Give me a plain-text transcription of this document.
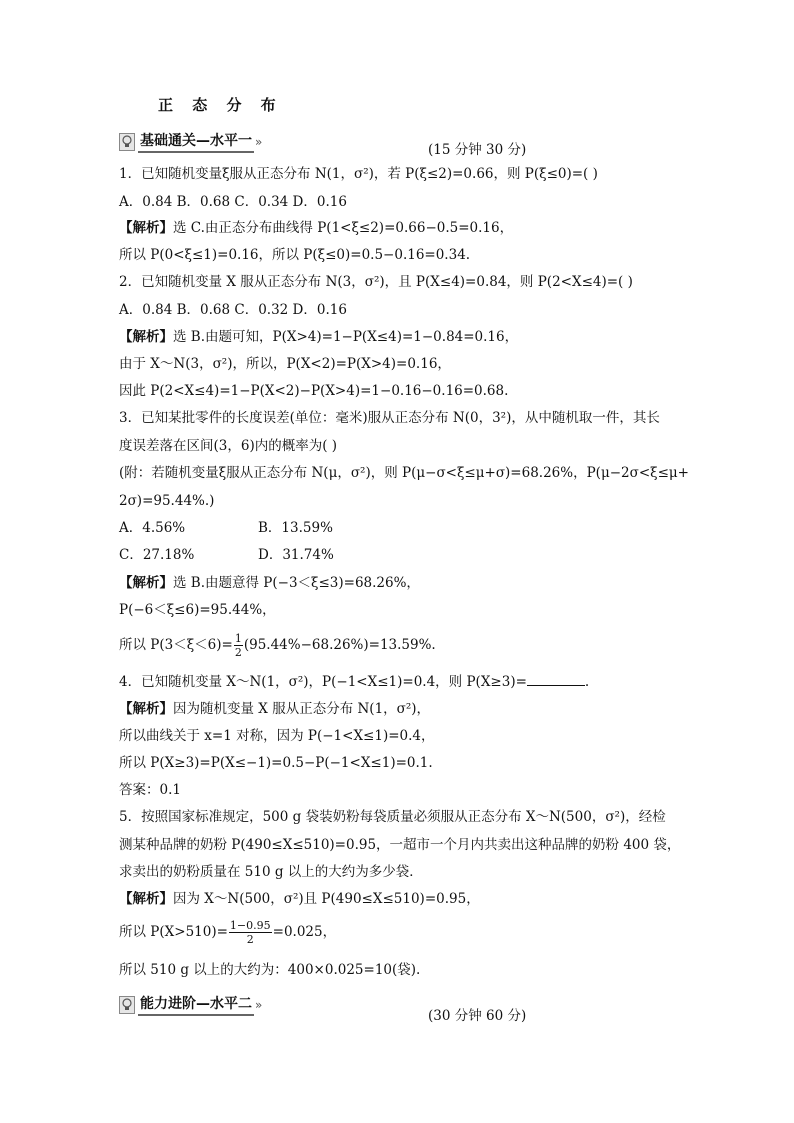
正 态 分 布
基础通关—水平一 »	(15 分钟 30 分)
1．已知随机变量ξ服从正态分布 N(1，σ²)，若 P(ξ≤2)=0.66，则 P(ξ≤0)=( )
A．0.84 B．0.68 C．0.34 D．0.16
【解析】选 C.由正态分布曲线得 P(1<ξ≤2)=0.66−0.5=0.16，
所以 P(0<ξ≤1)=0.16，所以 P(ξ≤0)=0.5−0.16=0.34.
2．已知随机变量 X 服从正态分布 N(3，σ²)，且 P(X≤4)=0.84，则 P(2<X≤4)=( )
A．0.84 B．0.68 C．0.32 D．0.16
【解析】选 B.由题可知，P(X>4)=1−P(X≤4)=1−0.84=0.16，
由于 X～N(3，σ²)，所以，P(X<2)=P(X>4)=0.16，
因此 P(2<X≤4)=1−P(X<2)−P(X>4)=1−0.16−0.16=0.68.
3．已知某批零件的长度误差(单位：毫米)服从正态分布 N(0，3²)，从中随机取一件，其长
度误差落在区间(3，6)内的概率为( )
(附：若随机变量ξ服从正态分布 N(μ，σ²)，则 P(μ−σ<ξ≤μ+σ)=68.26%，P(μ−2σ<ξ≤μ+
2σ)=95.44%.)
A．4.56%	B．13.59%
C．27.18%	D．31.74%
【解析】选 B.由题意得 P(−3＜ξ≤3)=68.26%，
P(−6＜ξ≤6)=95.44%，
所以 $P(3<\xi<6)= \frac{1}{2} (95.44\%-68.26\%)=13.59\%$.
4．已知随机变量 X～N(1，σ²)，P(−1<X≤1)=0.4，则 P(X≥3)=	.
【解析】因为随机变量 X 服从正态分布 N(1，σ²)，
所以曲线关于 x=1 对称，因为 P(−1<X≤1)=0.4，
所以 P(X≥3)=P(X≤−1)=0.5−P(−1<X≤1)=0.1.
答案：0.1
5．按照国家标准规定，500 g 袋装奶粉每袋质量必须服从正态分布 X～N(500，σ²)，经检
测某种品牌的奶粉 P(490≤X≤510)=0.95，一超市一个月内共卖出这种品牌的奶粉 400 袋，
求卖出的奶粉质量在 510 g 以上的大约为多少袋．
【解析】因为 X～N(500，σ²)且 P(490≤X≤510)=0.95，
所以 $P(X>510)= \frac{1-0.95}{2} =0.025$，
所以 510 g 以上的大约为：400×0.025=10(袋).
能力进阶—水平二 »
(30 分钟 60 分)
